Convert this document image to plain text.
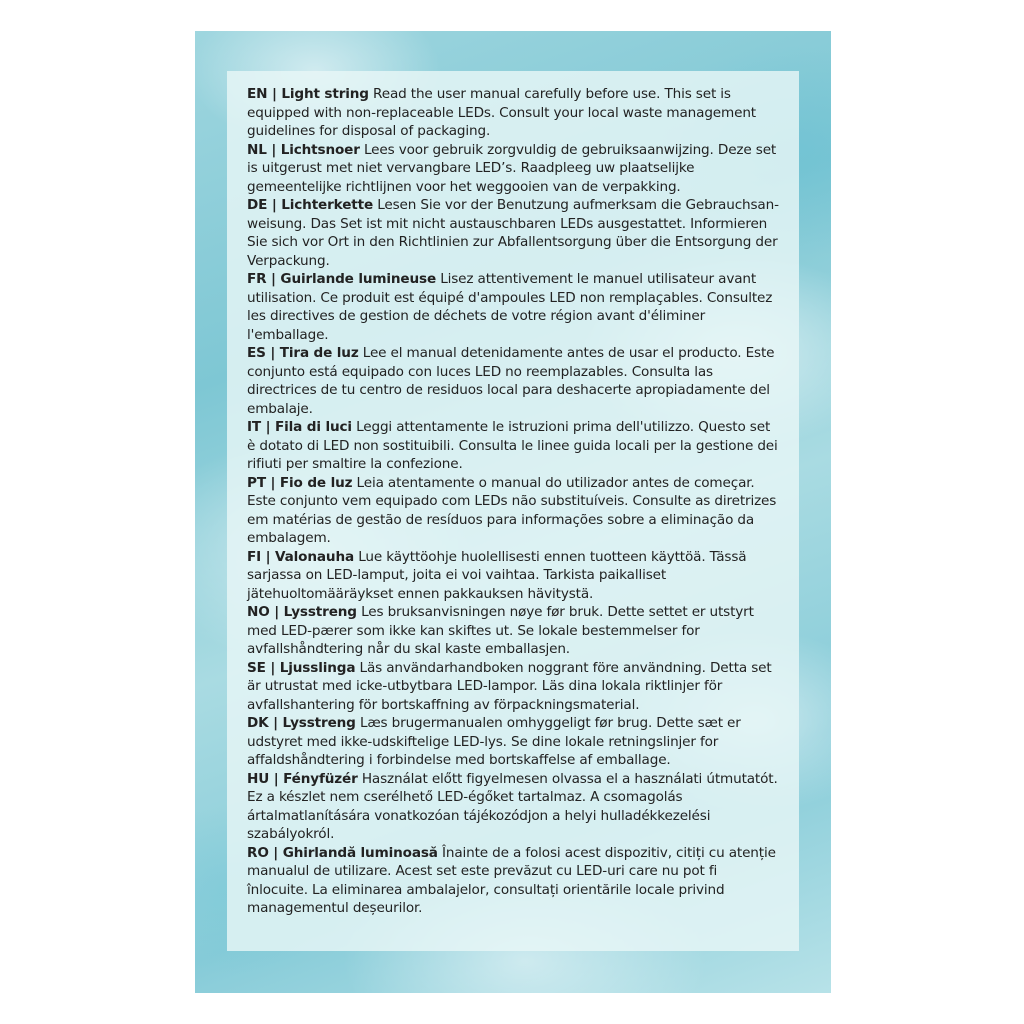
EN | Light string Read the user manual carefully before use. This set is equipped with non-replaceable LEDs. Consult your local waste management guidelines for disposal of packaging.

NL | Lichtsnoer Lees voor gebruik zorgvuldig de gebruiksaanwijzing. Deze set is uitgerust met niet vervangbare LED’s. Raadpleeg uw plaatselijke gemeentelijke richtlijnen voor het weggooien van de verpakking.

DE | Lichterkette Lesen Sie vor der Benutzung aufmerksam die Gebrauchsan-weisung. Das Set ist mit nicht austauschbaren LEDs ausgestattet. Informieren Sie sich vor Ort in den Richtlinien zur Abfallentsorgung über die Entsorgung der Verpackung.

FR | Guirlande lumineuse Lisez attentivement le manuel utilisateur avant utilisation. Ce produit est équipé d'ampoules LED non remplaçables. Consultez les directives de gestion de déchets de votre région avant d'éliminer l'emballage.

ES | Tira de luz Lee el manual detenidamente antes de usar el producto. Este conjunto está equipado con luces LED no reemplazables. Consulta las directrices de tu centro de residuos local para deshacerte apropiadamente del embalaje.

IT | Fila di luci Leggi attentamente le istruzioni prima dell'utilizzo. Questo set è dotato di LED non sostituibili. Consulta le linee guida locali per la gestione dei rifiuti per smaltire la confezione.

PT | Fio de luz Leia atentamente o manual do utilizador antes de começar. Este conjunto vem equipado com LEDs não substituíveis. Consulte as diretrizes em matérias de gestão de resíduos para informações sobre a eliminação da embalagem.

FI | Valonauha Lue käyttöohje huolellisesti ennen tuotteen käyttöä. Tässä sarjassa on LED-lamput, joita ei voi vaihtaa. Tarkista paikalliset jätehuoltomääräykset ennen pakkauksen hävitystä.

NO | Lysstreng Les bruksanvisningen nøye før bruk. Dette settet er utstyrt med LED-pærer som ikke kan skiftes ut. Se lokale bestemmelser for avfallshåndtering når du skal kaste emballasjen.

SE | Ljusslinga Läs användarhandboken noggrant före användning. Detta set är utrustat med icke-utbytbara LED-lampor. Läs dina lokala riktlinjer för avfallshantering för bortskaffning av förpackningsmaterial.

DK | Lysstreng Læs brugermanualen omhyggeligt før brug. Dette sæt er udstyret med ikke-udskiftelige LED-lys. Se dine lokale retningslinjer for affaldshåndtering i forbindelse med bortskaffelse af emballage.

HU | Fényfüzér Használat előtt figyelmesen olvassa el a használati útmutatót. Ez a készlet nem cserélhető LED-égőket tartalmaz. A csomagolás ártalmatlanítására vonatkozóan tájékozódjon a helyi hulladékkezelési szabályokról.

RO | Ghirlandă luminoasă Înainte de a folosi acest dispozitiv, citiți cu atenție manualul de utilizare. Acest set este prevăzut cu LED-uri care nu pot fi înlocuite. La eliminarea ambalajelor, consultați orientările locale privind managementul deșeurilor.
